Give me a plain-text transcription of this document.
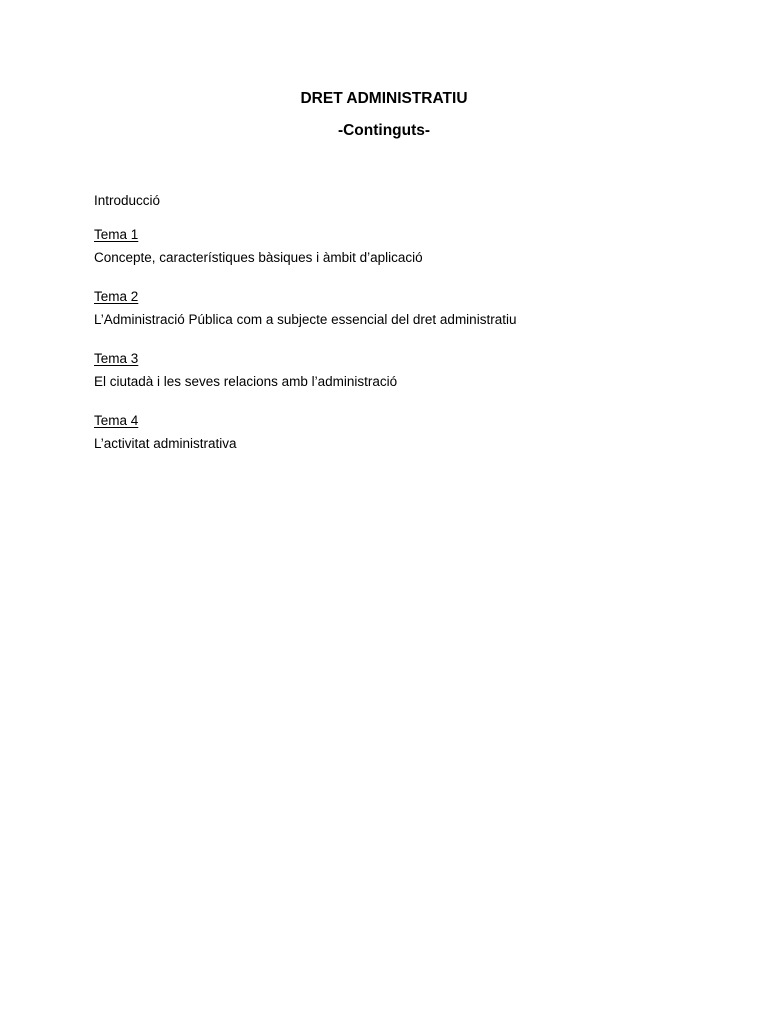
DRET ADMINISTRATIU
-Continguts-

Introducció

Tema 1
Concepte, característiques bàsiques i àmbit d’aplicació
Tema 2
L’Administració Pública com a subjecte essencial del dret administratiu
Tema 3
El ciutadà i les seves relacions amb l’administració
Tema 4
L’activitat administrativa
